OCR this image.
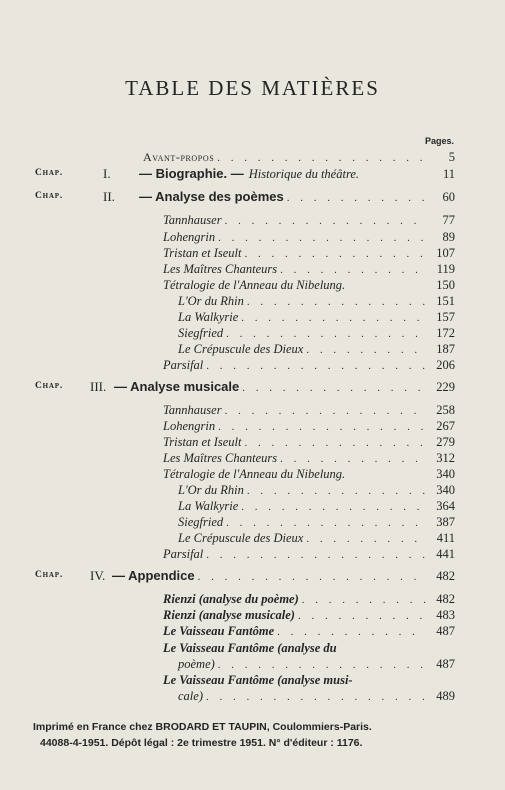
TABLE DES MATIÈRES
Pages.
Avant-propos . . .	5
Chap.	I.	— Biographie. — Historique du théâtre.	11
Chap.	II.	— Analyse des poèmes . . .	60
Tannhauser . . .	77
Lohengrin . . .	89
Tristan et Iseult . . .	107
Les Maîtres Chanteurs . . .	119
Tétralogie de l'Anneau du Nibelung.	150
L'Or du Rhin . . .	151
La Walkyrie . . .	157
Siegfried . . .	172
Le Crépuscule des Dieux . . .	187
Parsifal . . .	206
Chap. III. — Analyse musicale . . .	229
Tannhauser . . .	258
Lohengrin . . .	267
Tristan et Iseult . . .	279
Les Maîtres Chanteurs . . .	312
Tétralogie de l'Anneau du Nibelung.	340
L'Or du Rhin . . .	340
La Walkyrie . . .	364
Siegfried . . .	387
Le Crépuscule des Dieux . . .	411
Parsifal . . .	441
Chap. IV. — Appendice . . .	482
Rienzi (analyse du poème) . . .	482
Rienzi (analyse musicale) . . .	483
Le Vaisseau Fantôme . . .	487
Le Vaisseau Fantôme (analyse du
poème) . . .	487
Le Vaisseau Fantôme (analyse musi-
cale) . . .	489
Imprimé en France chez BRODARD ET TAUPIN, Coulommiers-Paris.
44088-4-1951. Dépôt légal : 2e trimestre 1951. N° d'éditeur : 1176.
